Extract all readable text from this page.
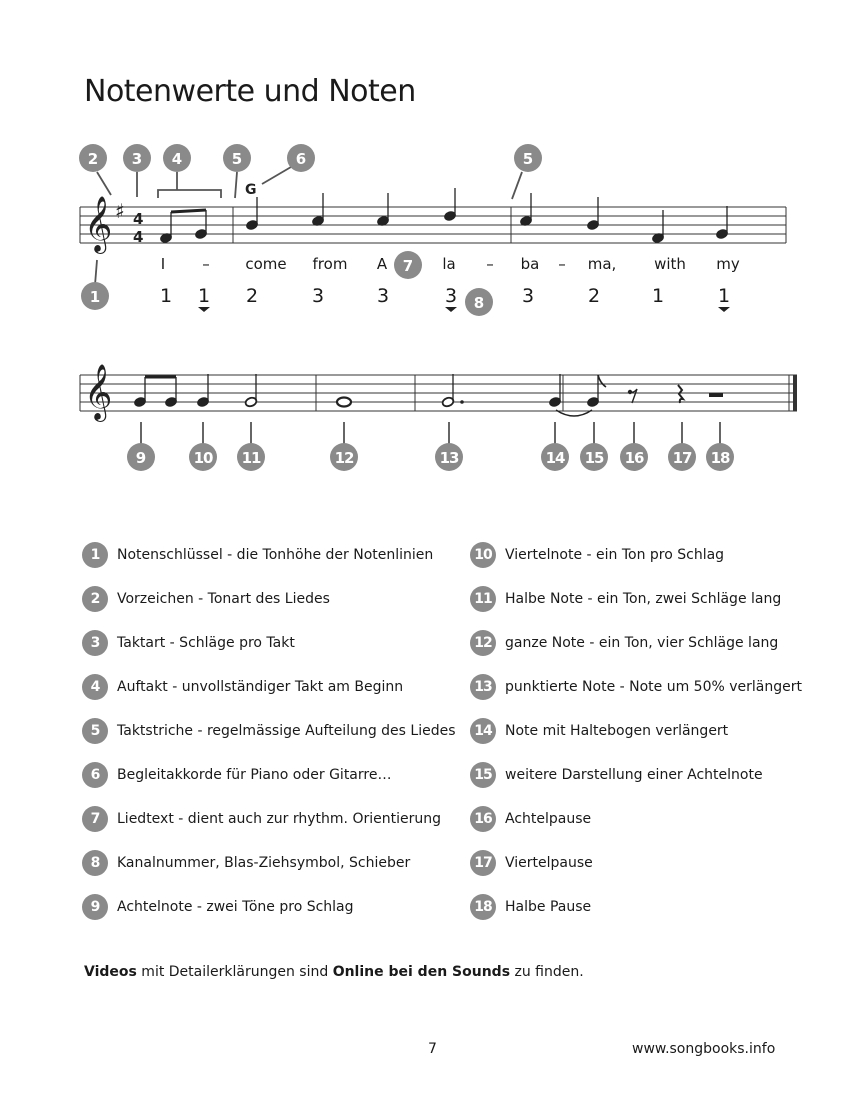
Notenwerte und Noten
𝄞 ♯ 4
4
G
2 3 4	5	6	5
1
7
8
I – come from A	la – ba – ma,	with my
1 1 2	3	3	3	3	2	1	1
𝄞
9	10 11	12	13	14 15 16 17 18
1	Notenschlüssel - die Tonhöhe der Notenlinien
2	Vorzeichen - Tonart des Liedes
3	Taktart - Schläge pro Takt
4	Auftakt - unvollständiger Takt am Beginn
5	Taktstriche - regelmässige Aufteilung des Liedes
6	Begleitakkorde für Piano oder Gitarre…
7	Liedtext - dient auch zur rhythm. Orientierung
8	Kanalnummer, Blas-Ziehsymbol, Schieber
9	Achtelnote - zwei Töne pro Schlag
10 Viertelnote - ein Ton pro Schlag
11 Halbe Note - ein Ton, zwei Schläge lang
12 ganze Note - ein Ton, vier Schläge lang
13 punktierte Note - Note um 50% verlängert
14 Note mit Haltebogen verlängert
15 weitere Darstellung einer Achtelnote
16 Achtelpause
17 Viertelpause
18 Halbe Pause
Videos mit Detailerklärungen sind Online bei den Sounds zu finden.
7	www.songbooks.info
